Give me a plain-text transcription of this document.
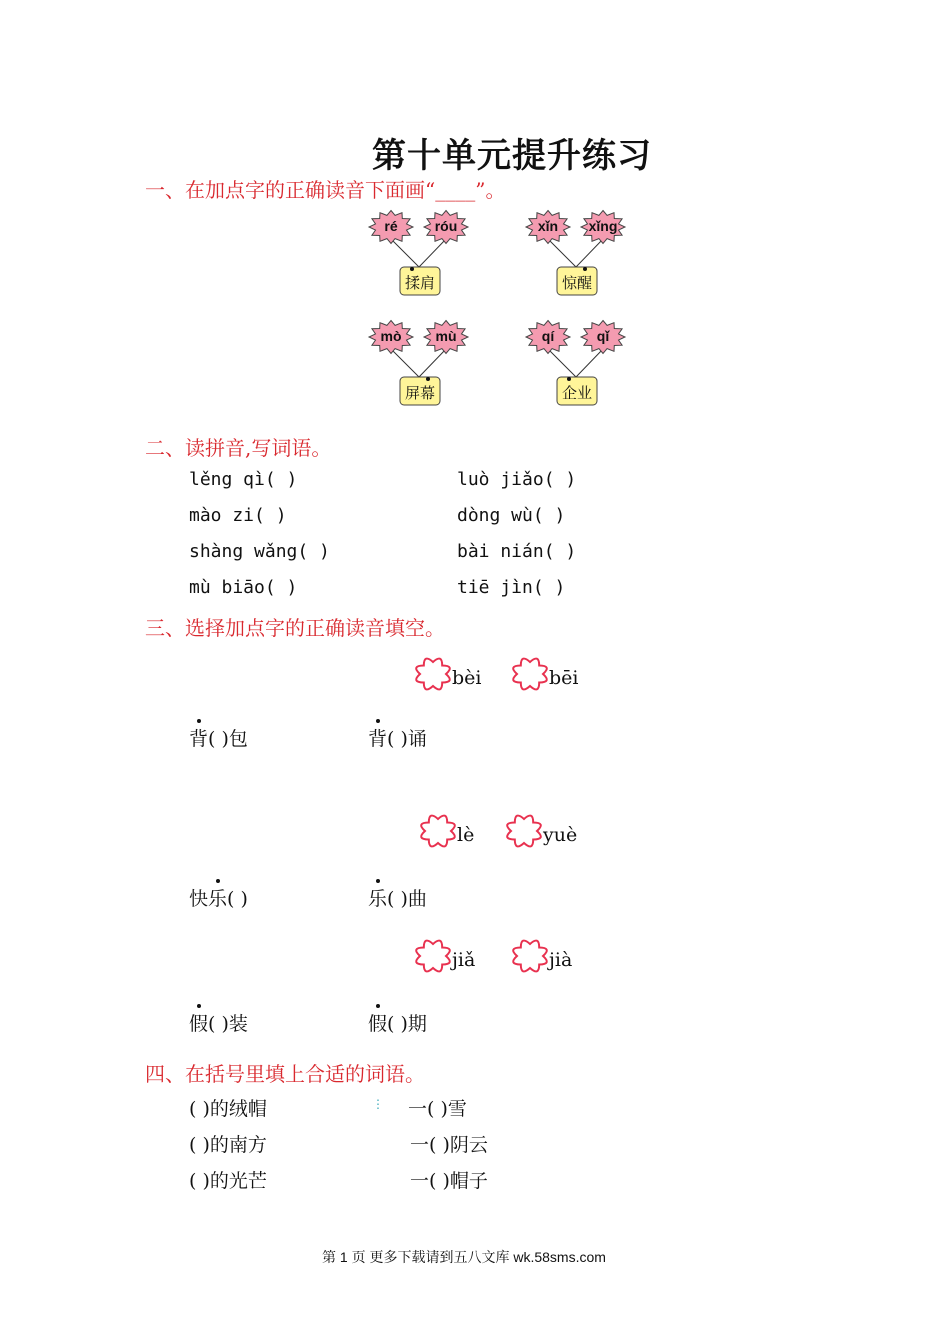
第十单元提升练习
一、在加点字的正确读音下面画“____”。
ré	róu
揉肩
xǐn	xǐng
惊醒
mò	mù
屏幕
qí	qǐ
企业
二、读拼音,写词语。
lěng qì( )	luò jiǎo( )
mào zi( )	dòng wù( )
shàng wǎng( )	bài nián( )
mù biāo( )	tiē jìn( )
三、选择加点字的正确读音填空。
bèi	bēi
背( )包	背( )诵
lè	yuè
快乐( )	乐( )曲
jiǎ	jià
假( )装	假( )期
四、在括号里填上合适的词语。
( )的绒帽	⋮ 一( )雪
( )的南方	一( )阴云
( )的光芒	一( )帽子
第 1 页 更多下载请到五八文库 wk.58sms.com
